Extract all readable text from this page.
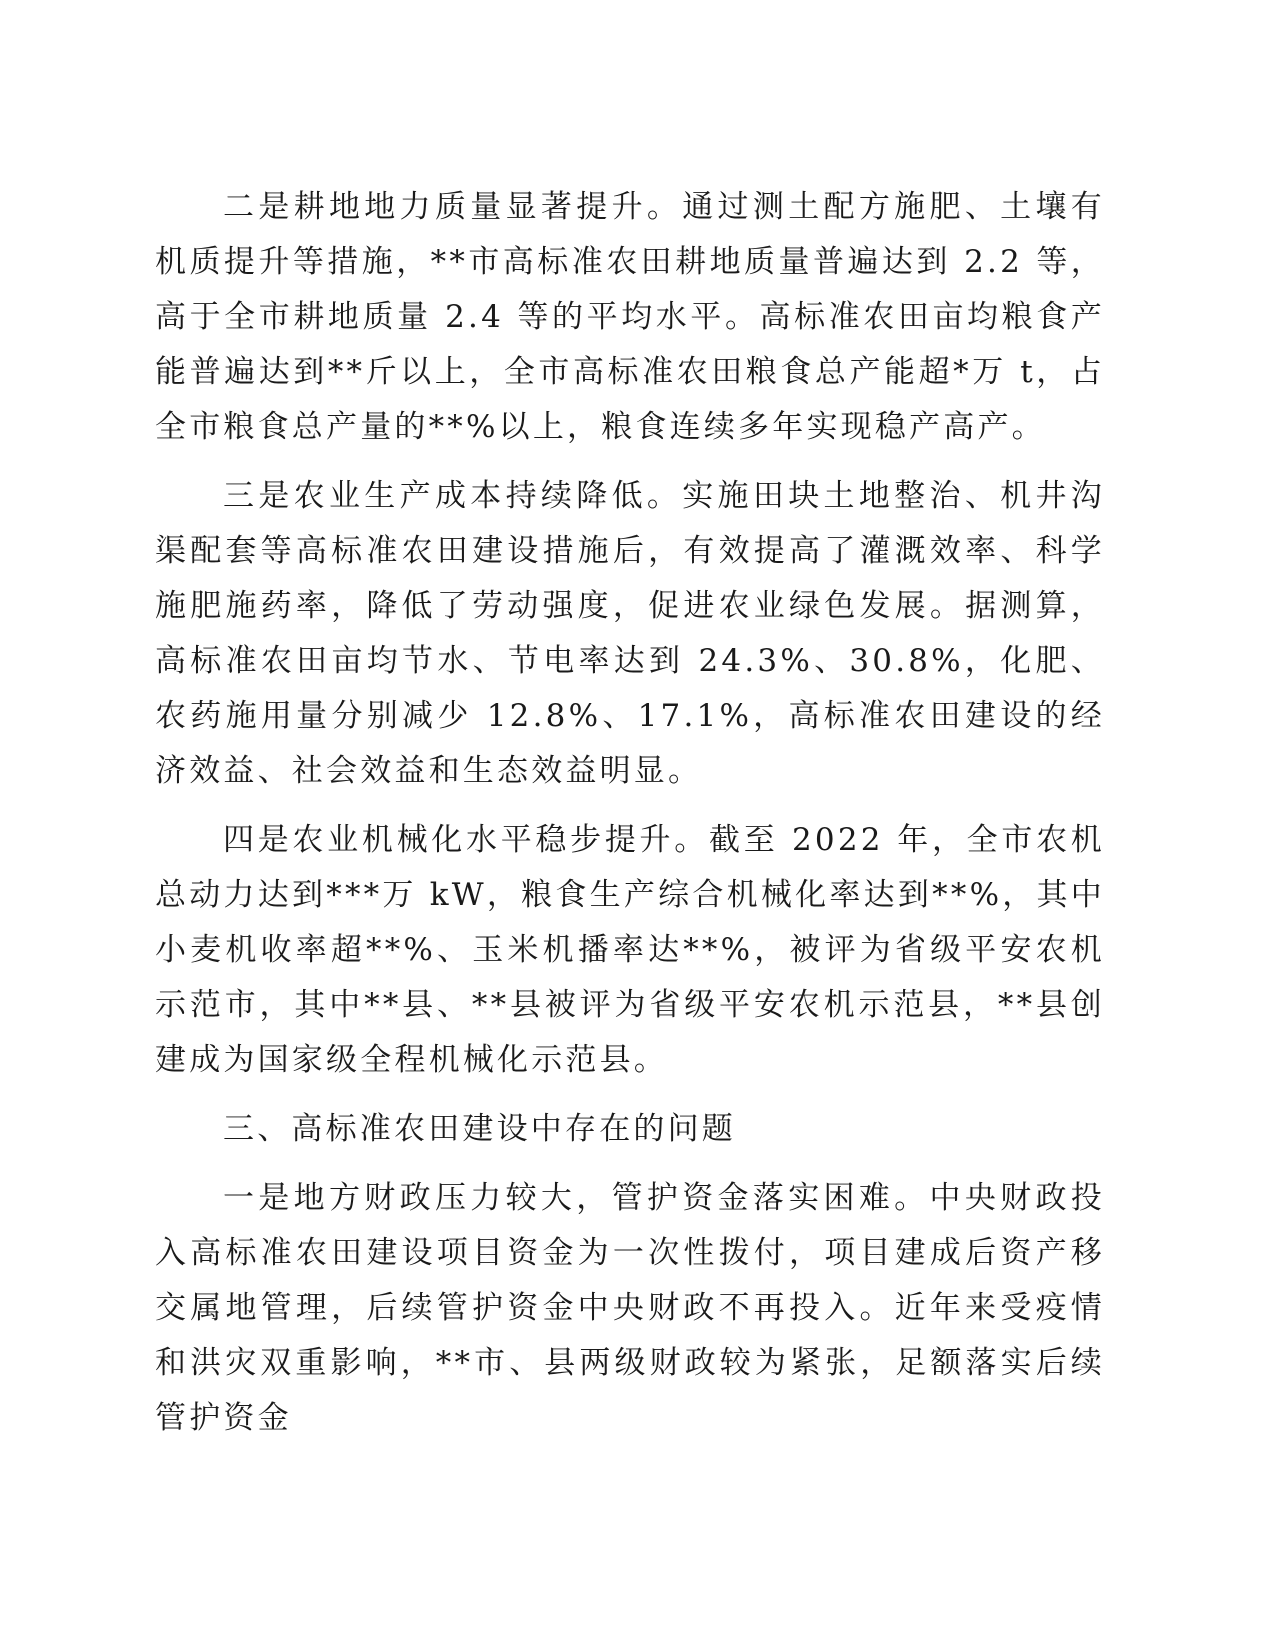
二是耕地地力质量显著提升。通过测土配方施肥、土壤有机质提升等措施，**市高标准农田耕地质量普遍达到 2.2 等，高于全市耕地质量 2.4 等的平均水平。高标准农田亩均粮食产能普遍达到**斤以上，全市高标准农田粮食总产能超*万 t，占全市粮食总产量的**%以上，粮食连续多年实现稳产高产。

三是农业生产成本持续降低。实施田块土地整治、机井沟渠配套等高标准农田建设措施后，有效提高了灌溉效率、科学施肥施药率，降低了劳动强度，促进农业绿色发展。据测算，高标准农田亩均节水、节电率达到 24.3%、30.8%，化肥、农药施用量分别减少 12.8%、17.1%，高标准农田建设的经济效益、社会效益和生态效益明显。

四是农业机械化水平稳步提升。截至 2022 年，全市农机总动力达到***万 kW，粮食生产综合机械化率达到**%，其中小麦机收率超**%、玉米机播率达**%，被评为省级平安农机示范市，其中**县、**县被评为省级平安农机示范县，**县创建成为国家级全程机械化示范县。

三、高标准农田建设中存在的问题

一是地方财政压力较大，管护资金落实困难。中央财政投入高标准农田建设项目资金为一次性拨付，项目建成后资产移交属地管理，后续管护资金中央财政不再投入。近年来受疫情和洪灾双重影响，**市、县两级财政较为紧张，足额落实后续管护资金
